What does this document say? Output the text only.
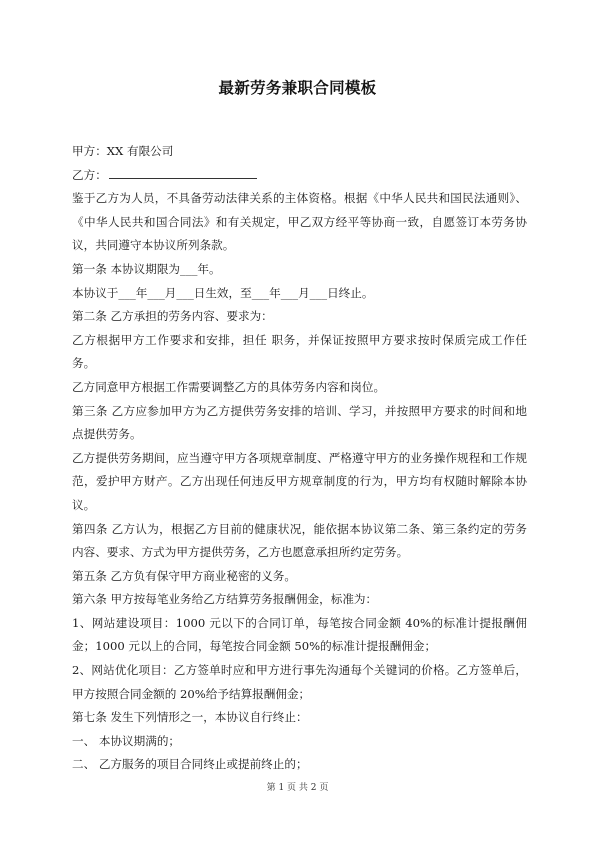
最新劳务兼职合同模板

甲方：XX 有限公司

乙方：

鉴于乙方为人员，不具备劳动法律关系的主体资格。根据《中华人民共和国民法通则》、《中华人民共和国合同法》和有关规定，甲乙双方经平等协商一致，自愿签订本劳务协议，共同遵守本协议所列条款。

第一条 本协议期限为___年。

本协议于___年___月___日生效，至___年___月___日终止。

第二条 乙方承担的劳务内容、要求为：

乙方根据甲方工作要求和安排，担任 职务，并保证按照甲方要求按时保质完成工作任务。

乙方同意甲方根据工作需要调整乙方的具体劳务内容和岗位。

第三条 乙方应参加甲方为乙方提供劳务安排的培训、学习，并按照甲方要求的时间和地点提供劳务。

乙方提供劳务期间，应当遵守甲方各项规章制度、严格遵守甲方的业务操作规程和工作规范，爱护甲方财产。乙方出现任何违反甲方规章制度的行为，甲方均有权随时解除本协议。

第四条 乙方认为，根据乙方目前的健康状况，能依据本协议第二条、第三条约定的劳务内容、要求、方式为甲方提供劳务，乙方也愿意承担所约定劳务。

第五条 乙方负有保守甲方商业秘密的义务。

第六条 甲方按每笔业务给乙方结算劳务报酬佣金，标准为：

1、网站建设项目：1000 元以下的合同订单，每笔按合同金额 40%的标准计提报酬佣金；1000 元以上的合同，每笔按合同金额 50%的标准计提报酬佣金；

2、网站优化项目：乙方签单时应和甲方进行事先沟通每个关键词的价格。乙方签单后，甲方按照合同金额的 20%给予结算报酬佣金；

第七条 发生下列情形之一，本协议自行终止：

一、 本协议期满的；

二、 乙方服务的项目合同终止或提前终止的；

第 1 页 共 2 页
